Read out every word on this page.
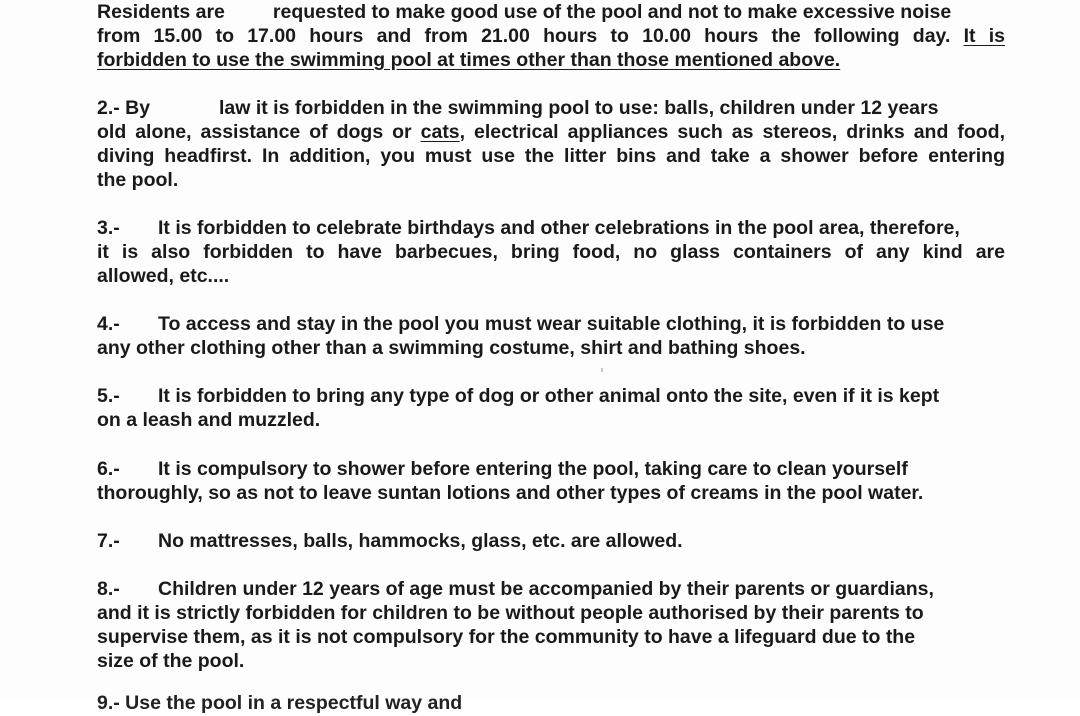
Residents are requested to make good use of the pool and not to make excessive noise
from 15.00 to 17.00 hours and from 21.00 hours to 10.00 hours the following day. It is
forbidden to use the swimming pool at times other than those mentioned above.
2.- By	law it is forbidden in the swimming pool to use: balls, children under 12 years
old alone, assistance of dogs or cats, electrical appliances such as stereos, drinks and food,
diving headfirst. In addition, you must use the litter bins and take a shower before entering
the pool.
3.- It is forbidden to celebrate birthdays and other celebrations in the pool area, therefore,
it is also forbidden to have barbecues, bring food, no glass containers of any kind are
allowed, etc....
4.- To access and stay in the pool you must wear suitable clothing, it is forbidden to use
any other clothing other than a swimming costume, shirt and bathing shoes.
5.- It is forbidden to bring any type of dog or other animal onto the site, even if it is kept
on a leash and muzzled.
6.- It is compulsory to shower before entering the pool, taking care to clean yourself
thoroughly, so as not to leave suntan lotions and other types of creams in the pool water.
7.- No mattresses, balls, hammocks, glass, etc. are allowed.
8.- Children under 12 years of age must be accompanied by their parents or guardians,
and it is strictly forbidden for children to be without people authorised by their parents to
supervise them, as it is not compulsory for the community to have a lifeguard due to the
size of the pool.
9.- Use the pool in a respectful way and
